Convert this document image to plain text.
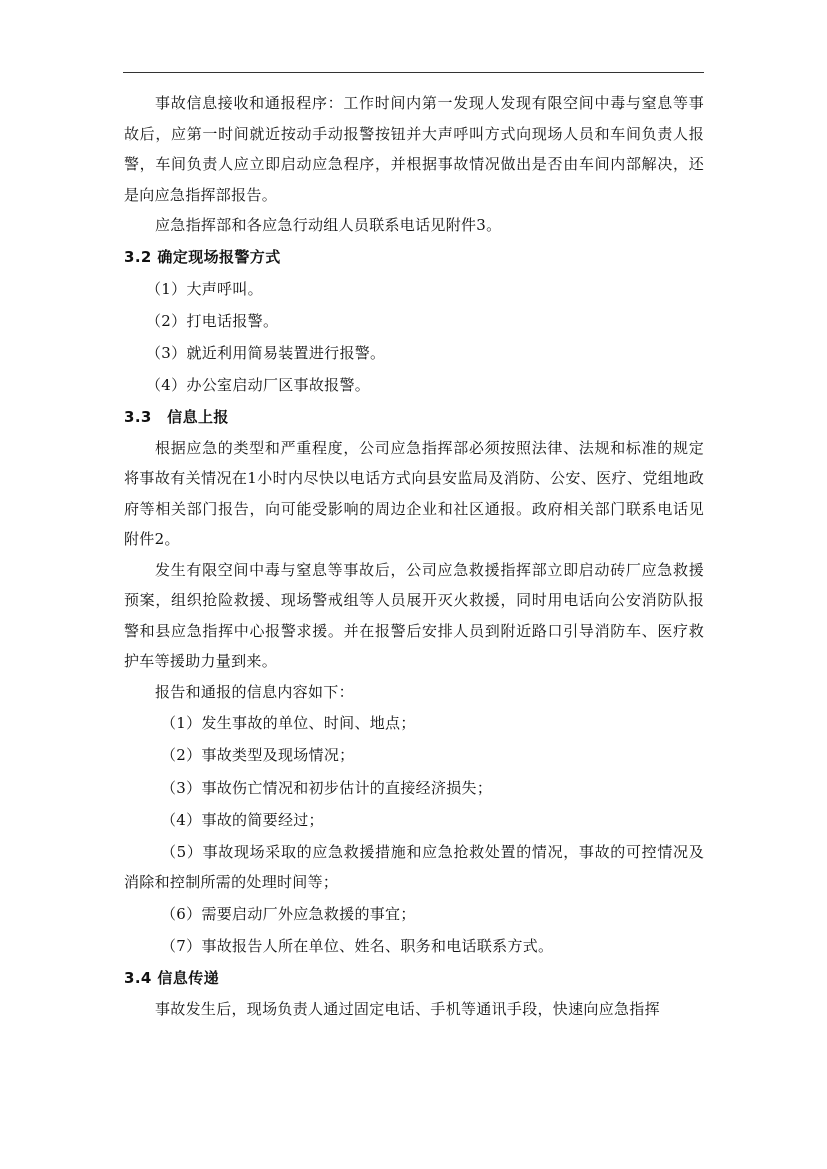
事故信息接收和通报程序：工作时间内第一发现人发现有限空间中毒与窒息等事故后，应第一时间就近按动手动报警按钮并大声呼叫方式向现场人员和车间负责人报警，车间负责人应立即启动应急程序，并根据事故情况做出是否由车间内部解决，还是向应急指挥部报告。

应急指挥部和各应急行动组人员联系电话见附件3。

3.2 确定现场报警方式

（1）大声呼叫。

（2）打电话报警。

（3）就近利用简易装置进行报警。

（4）办公室启动厂区事故报警。

3.3　信息上报

根据应急的类型和严重程度，公司应急指挥部必须按照法律、法规和标准的规定将事故有关情况在1小时内尽快以电话方式向县安监局及消防、公安、医疗、党组地政府等相关部门报告，向可能受影响的周边企业和社区通报。政府相关部门联系电话见附件2。

发生有限空间中毒与窒息等事故后，公司应急救援指挥部立即启动砖厂应急救援预案，组织抢险救援、现场警戒组等人员展开灭火救援，同时用电话向公安消防队报警和县应急指挥中心报警求援。并在报警后安排人员到附近路口引导消防车、医疗救护车等援助力量到来。

报告和通报的信息内容如下：

（1）发生事故的单位、时间、地点；

（2）事故类型及现场情况；

（3）事故伤亡情况和初步估计的直接经济损失；

（4）事故的简要经过；

（5）事故现场采取的应急救援措施和应急抢救处置的情况，事故的可控情况及消除和控制所需的处理时间等；

（6）需要启动厂外应急救援的事宜；

（7）事故报告人所在单位、姓名、职务和电话联系方式。

3.4 信息传递

事故发生后，现场负责人通过固定电话、手机等通讯手段，快速向应急指挥
